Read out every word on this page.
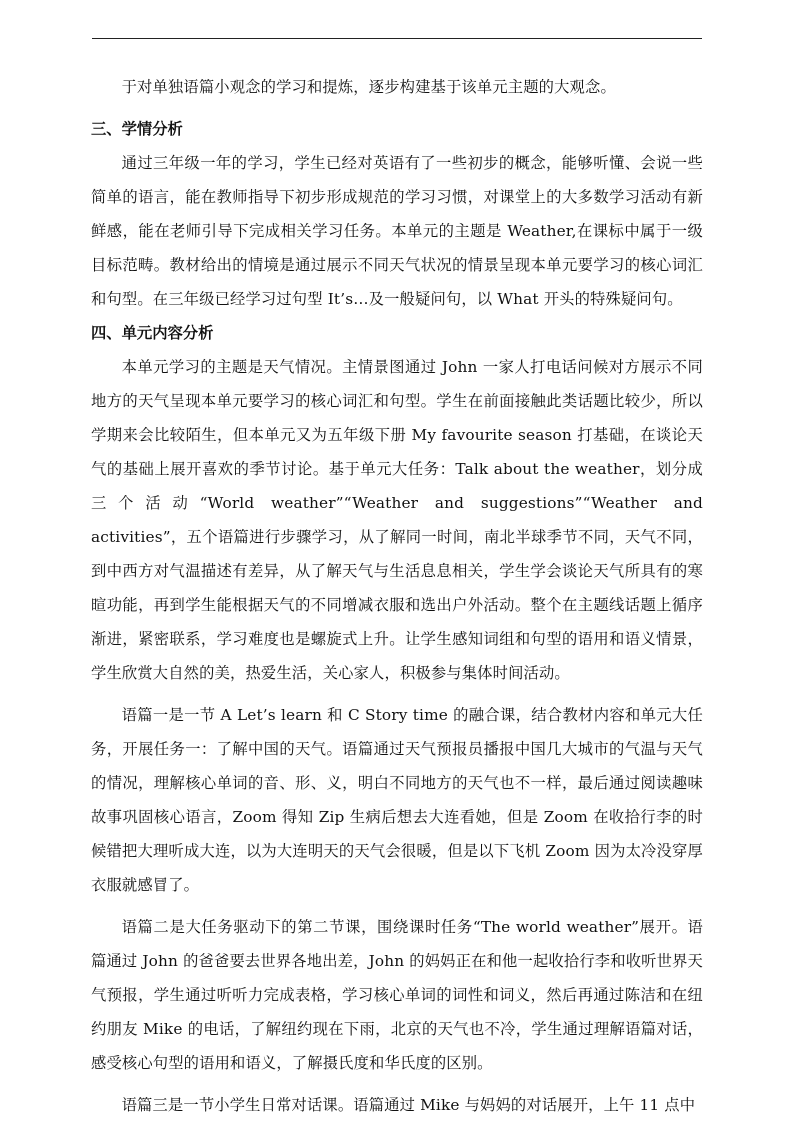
于对单独语篇小观念的学习和提炼，逐步构建基于该单元主题的大观念。

三、学情分析

通过三年级一年的学习，学生已经对英语有了一些初步的概念，能够听懂、会说一些简单的语言，能在教师指导下初步形成规范的学习习惯，对课堂上的大多数学习活动有新鲜感，能在老师引导下完成相关学习任务。本单元的主题是 Weather,在课标中属于一级目标范畴。教材给出的情境是通过展示不同天气状况的情景呈现本单元要学习的核心词汇和句型。在三年级已经学习过句型 It’s…及一般疑问句，以 What 开头的特殊疑问句。

四、单元内容分析

本单元学习的主题是天气情况。主情景图通过 John 一家人打电话问候对方展示不同地方的天气呈现本单元要学习的核心词汇和句型。学生在前面接触此类话题比较少，所以学期来会比较陌生，但本单元又为五年级下册 My favourite season 打基础，在谈论天气的基础上展开喜欢的季节讨论。基于单元大任务：Talk about the weather，划分成三个活动“World weather”“Weather and suggestions”“Weather and activities”，五个语篇进行步骤学习，从了解同一时间，南北半球季节不同，天气不同，到中西方对气温描述有差异，从了解天气与生活息息相关，学生学会谈论天气所具有的寒暄功能，再到学生能根据天气的不同增减衣服和选出户外活动。整个在主题线话题上循序渐进，紧密联系，学习难度也是螺旋式上升。让学生感知词组和句型的语用和语义情景，学生欣赏大自然的美，热爱生活，关心家人，积极参与集体时间活动。

语篇一是一节 A Let’s learn 和 C Story time 的融合课，结合教材内容和单元大任务，开展任务一：了解中国的天气。语篇通过天气预报员播报中国几大城市的气温与天气的情况，理解核心单词的音、形、义，明白不同地方的天气也不一样，最后通过阅读趣味故事巩固核心语言，Zoom 得知 Zip 生病后想去大连看她，但是 Zoom 在收拾行李的时候错把大理听成大连，以为大连明天的天气会很暖，但是以下飞机 Zoom 因为太冷没穿厚衣服就感冒了。

语篇二是大任务驱动下的第二节课，围绕课时任务“The world weather”展开。语篇通过 John 的爸爸要去世界各地出差，John 的妈妈正在和他一起收拾行李和收听世界天气预报，学生通过听听力完成表格，学习核心单词的词性和词义，然后再通过陈洁和在纽约朋友 Mike 的电话，了解纽约现在下雨，北京的天气也不冷，学生通过理解语篇对话，感受核心句型的语用和语义，了解摄氏度和华氏度的区别。

语篇三是一节小学生日常对话课。语篇通过 Mike 与妈妈的对话展开，上午 11 点中
